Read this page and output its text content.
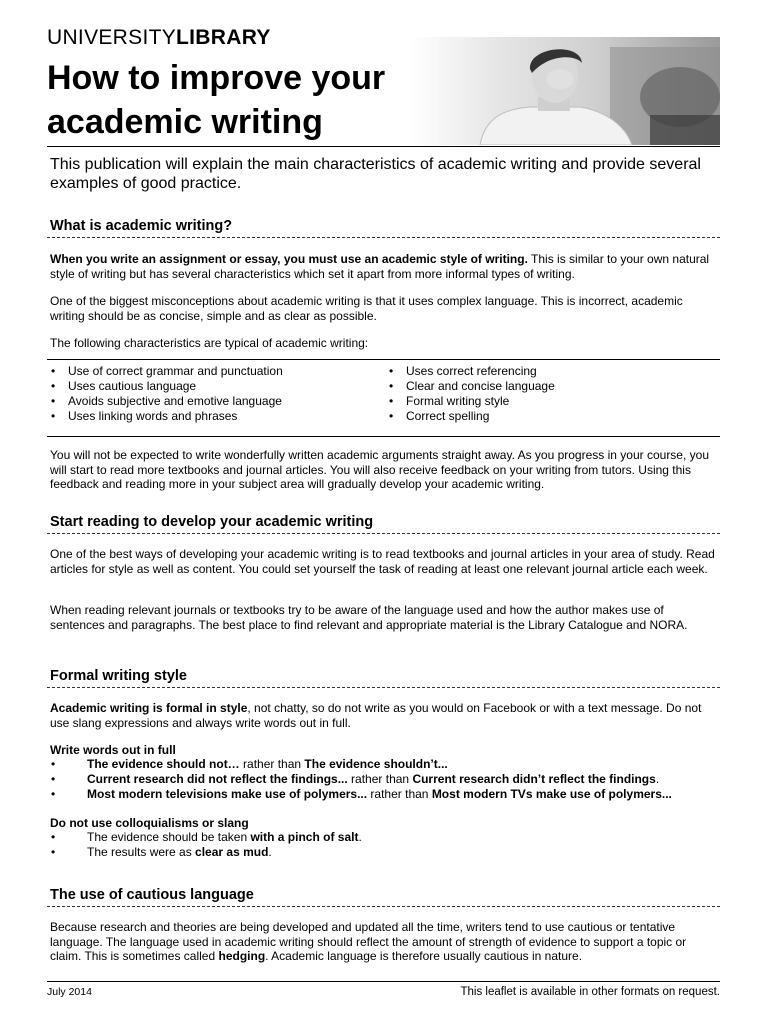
UNIVERSITYLIBRARY
How to improve your
academic writing
This publication will explain the main characteristics of academic writing and provide several examples of good practice.
What is academic writing?
When you write an assignment or essay, you must use an academic style of writing. This is similar to your own natural style of writing but has several characteristics which set it apart from more informal types of writing.
One of the biggest misconceptions about academic writing is that it uses complex language. This is incorrect, academic writing should be as concise, simple and as clear as possible.
The following characteristics are typical of academic writing:
• Use of correct grammar and punctuation
• Uses cautious language
• Avoids subjective and emotive language
• Uses linking words and phrases
• Uses correct referencing
• Clear and concise language
• Formal writing style
• Correct spelling
You will not be expected to write wonderfully written academic arguments straight away. As you progress in your course, you will start to read more textbooks and journal articles. You will also receive feedback on your writing from tutors. Using this feedback and reading more in your subject area will gradually develop your academic writing.
Start reading to develop your academic writing
One of the best ways of developing your academic writing is to read textbooks and journal articles in your area of study. Read articles for style as well as content. You could set yourself the task of reading at least one relevant journal article each week.
When reading relevant journals or textbooks try to be aware of the language used and how the author makes use of sentences and paragraphs. The best place to find relevant and appropriate material is the Library Catalogue and NORA.
Formal writing style
Academic writing is formal in style, not chatty, so do not write as you would on Facebook or with a text message. Do not use slang expressions and always write words out in full.
Write words out in full
• The evidence should not… rather than The evidence shouldn’t...
• Current research did not reflect the findings... rather than Current research didn’t reflect the findings.
• Most modern televisions make use of polymers... rather than Most modern TVs make use of polymers...
Do not use colloquialisms or slang
• The evidence should be taken with a pinch of salt.
• The results were as clear as mud.
The use of cautious language
Because research and theories are being developed and updated all the time, writers tend to use cautious or tentative language. The language used in academic writing should reflect the amount of strength of evidence to support a topic or claim. This is sometimes called hedging. Academic language is therefore usually cautious in nature.
July 2014	This leaflet is available in other formats on request.
